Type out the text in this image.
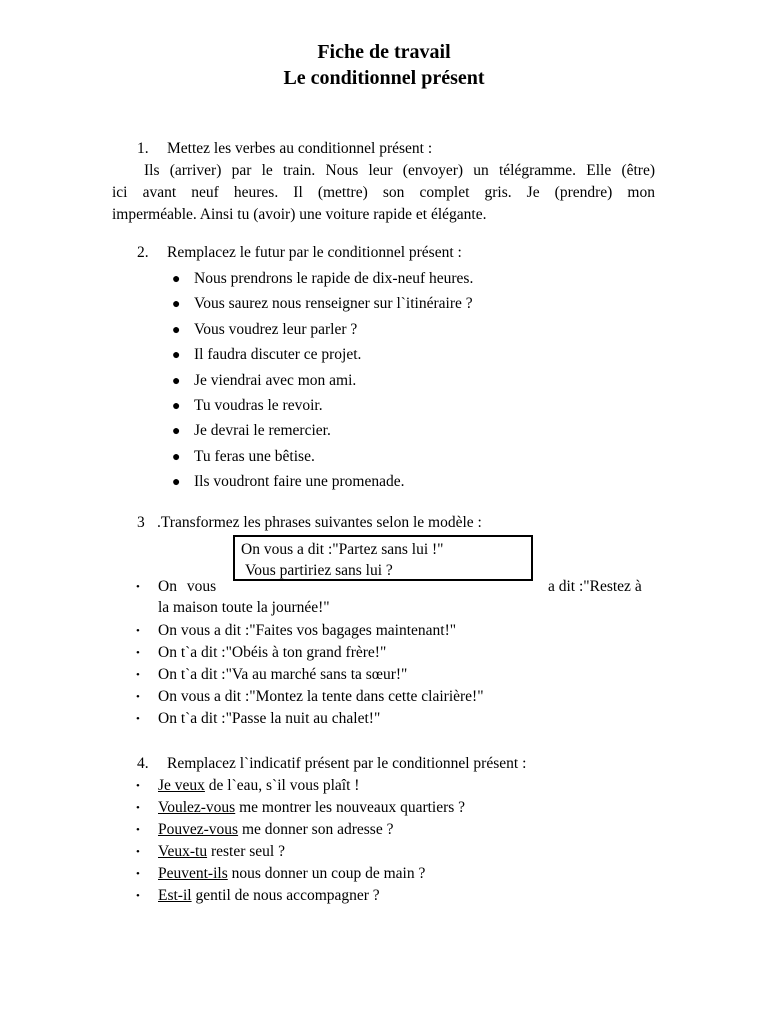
Fiche de travail
Le conditionnel présent
1. Mettez les verbes au conditionnel présent :
Ils (arriver) par le train. Nous leur (envoyer) un télégramme. Elle (être)
ici avant neuf heures. Il (mettre) son complet gris. Je (prendre) mon
imperméable. Ainsi tu (avoir) une voiture rapide et élégante.
2. Remplacez le futur par le conditionnel présent :
● Nous prendrons le rapide de dix-neuf heures.
● Vous saurez nous renseigner sur l`itinéraire ?
● Vous voudrez leur parler ?
● Il faudra discuter ce projet.
● Je viendrai avec mon ami.
● Tu voudras le revoir.
● Je devrai le remercier.
● Tu feras une bêtise.
● Ils voudront faire une promenade.
3 .Transformez les phrases suivantes selon le modèle :
On vous a dit :"Partez sans lui !"
Vous partiriez sans lui ?
• On vous	a dit :"Restez à
la maison toute la journée!"
• On vous a dit :"Faites vos bagages maintenant!"
• On t`a dit :"Obéis à ton grand frère!"
• On t`a dit :"Va au marché sans ta sœur!"
• On vous a dit :"Montez la tente dans cette clairière!"
• On t`a dit :"Passe la nuit au chalet!"
4. Remplacez l`indicatif présent par le conditionnel présent :
• Je veux de l`eau, s`il vous plaît !
• Voulez-vous me montrer les nouveaux quartiers ?
• Pouvez-vous me donner son adresse ?
• Veux-tu rester seul ?
• Peuvent-ils nous donner un coup de main ?
• Est-il gentil de nous accompagner ?
